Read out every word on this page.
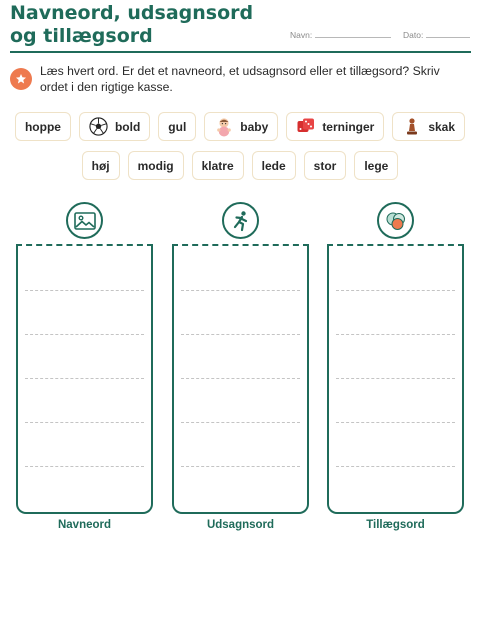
Navneord, udsagnsord og tillægsord	Navn:	Dato:
Læs hvert ord. Er det et navneord, et udsagnsord eller et tillægsord? Skriv ordet i den rigtige kasse.
hoppe	bold gul	baby	terninger	skak
høj modig klatre lede stor lege
Navneord	Udsagnsord	Tillægsord
